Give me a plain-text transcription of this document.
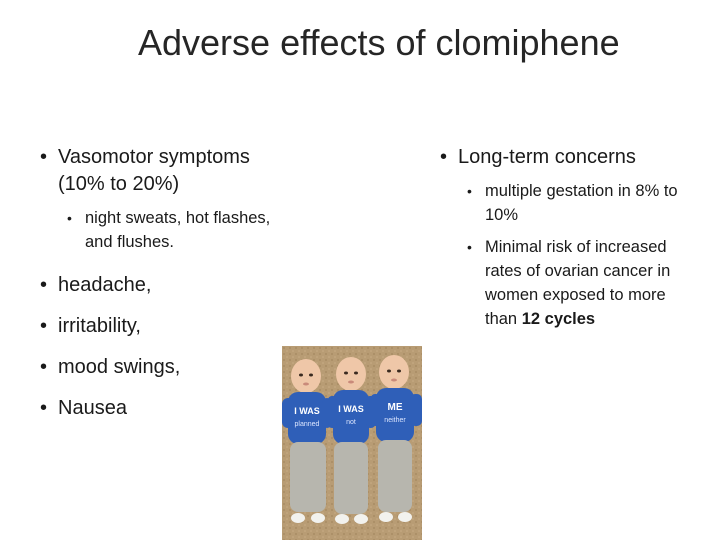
Adverse effects of clomiphene
• Vasomotor symptoms
(10% to 20%)
• night sweats, hot flashes,
and flushes.
• headache,
• irritability,
• mood swings,
• Nausea
• Long-term concerns
• multiple gestation in 8% to
10%
• Minimal risk of increased
rates of ovarian cancer in
women exposed to more
than 12 cycles
I WAS
planned
I WAS
not
ME
neither
